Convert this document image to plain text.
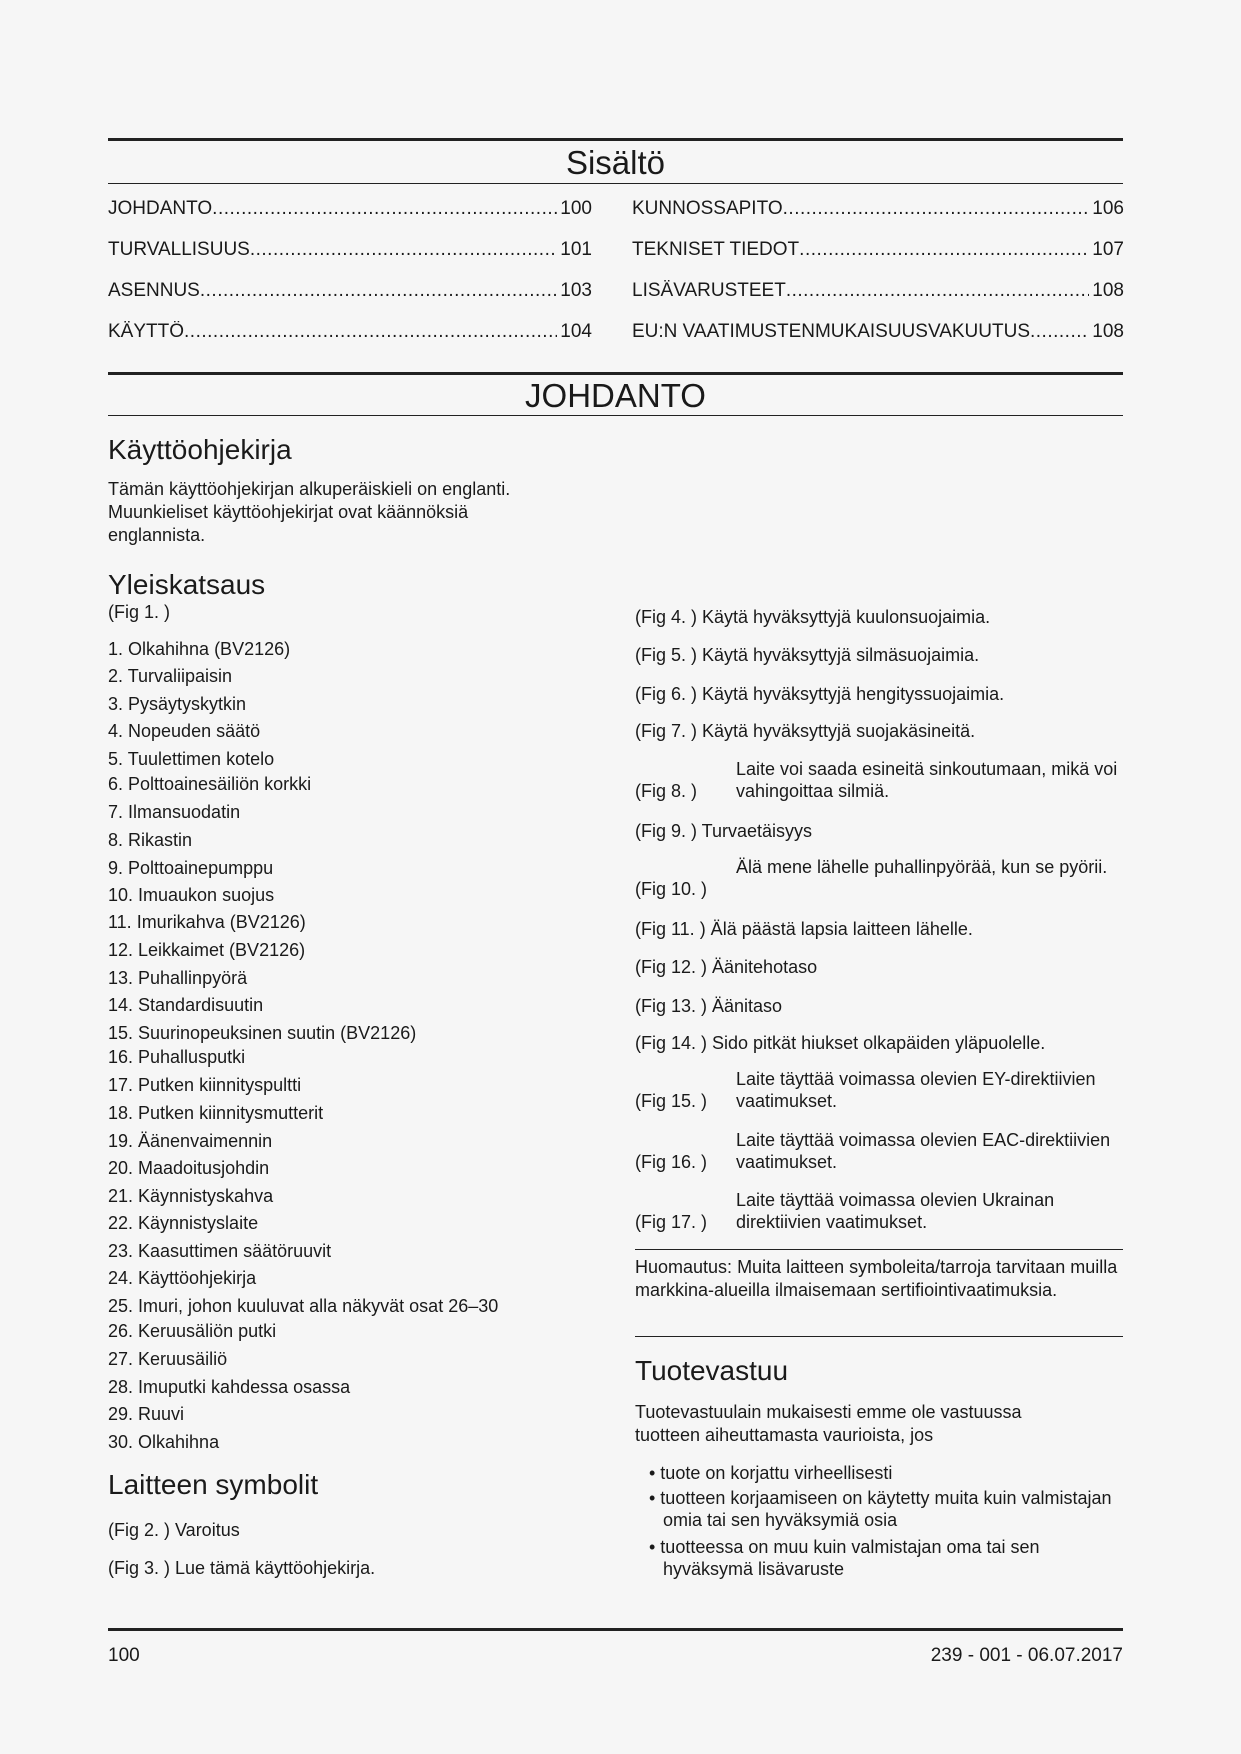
Sisältö
JOHDANTO .....	100
TURVALLISUUS .....	101
ASENNUS .....	103
KÄYTTÖ .....	104
KUNNOSSAPITO .....	106
TEKNISET TIEDOT .....	107
LISÄVARUSTEET .....	108
EU:N VAATIMUSTENMUKAISUUSVAKUUTUS .....	108
JOHDANTO
Käyttöohjekirja
Tämän käyttöohjekirjan alkuperäiskieli on englanti. Muunkieliset käyttöohjekirjat ovat käännöksiä englannista.
Yleiskatsaus
(Fig 1. )
1. Olkahihna (BV2126)
2. Turvaliipaisin
3. Pysäytyskytkin
4. Nopeuden säätö
5. Tuulettimen kotelo
6. Polttoainesäiliön korkki
7. Ilmansuodatin
8. Rikastin
9. Polttoainepumppu
10. Imuaukon suojus
11. Imurikahva (BV2126)
12. Leikkaimet (BV2126)
13. Puhallinpyörä
14. Standardisuutin
15. Suurinopeuksinen suutin (BV2126)
16. Puhallusputki
17. Putken kiinnityspultti
18. Putken kiinnitysmutterit
19. Äänenvaimennin
20. Maadoitusjohdin
21. Käynnistyskahva
22. Käynnistyslaite
23. Kaasuttimen säätöruuvit
24. Käyttöohjekirja
25. Imuri, johon kuuluvat alla näkyvät osat 26–30
26. Keruusäliön putki
27. Keruusäiliö
28. Imuputki kahdessa osassa
29. Ruuvi
30. Olkahihna
Laitteen symbolit
(Fig 2. ) Varoitus
(Fig 3. ) Lue tämä käyttöohjekirja.
(Fig 4. ) Käytä hyväksyttyjä kuulonsuojaimia.
(Fig 5. ) Käytä hyväksyttyjä silmäsuojaimia.
(Fig 6. ) Käytä hyväksyttyjä hengityssuojaimia.
(Fig 7. ) Käytä hyväksyttyjä suojakäsineitä.
(Fig 8. )
Laite voi saada esineitä sinkoutumaan, mikä voi vahingoittaa silmiä.
(Fig 9. ) Turvaetäisyys
(Fig 10. )
Älä mene lähelle puhallinpyörää, kun se pyörii.
(Fig 11. ) Älä päästä lapsia laitteen lähelle.
(Fig 12. ) Äänitehotaso
(Fig 13. ) Äänitaso
(Fig 14. ) Sido pitkät hiukset olkapäiden yläpuolelle.
(Fig 15. )
Laite täyttää voimassa olevien EY-direktiivien vaatimukset.
(Fig 16. )
Laite täyttää voimassa olevien EAC-direktiivien vaatimukset.
(Fig 17. )
Laite täyttää voimassa olevien Ukrainan direktiivien vaatimukset.
Huomautus: Muita laitteen symboleita/tarroja tarvitaan muilla markkina-alueilla ilmaisemaan sertifiointivaatimuksia.
Tuotevastuu
Tuotevastuulain mukaisesti emme ole vastuussa tuotteen aiheuttamasta vaurioista, jos
• tuote on korjattu virheellisesti
• tuotteen korjaamiseen on käytetty muita kuin valmistajan omia tai sen hyväksymiä osia
• tuotteessa on muu kuin valmistajan oma tai sen hyväksymä lisävaruste
100	239 - 001 - 06.07.2017
